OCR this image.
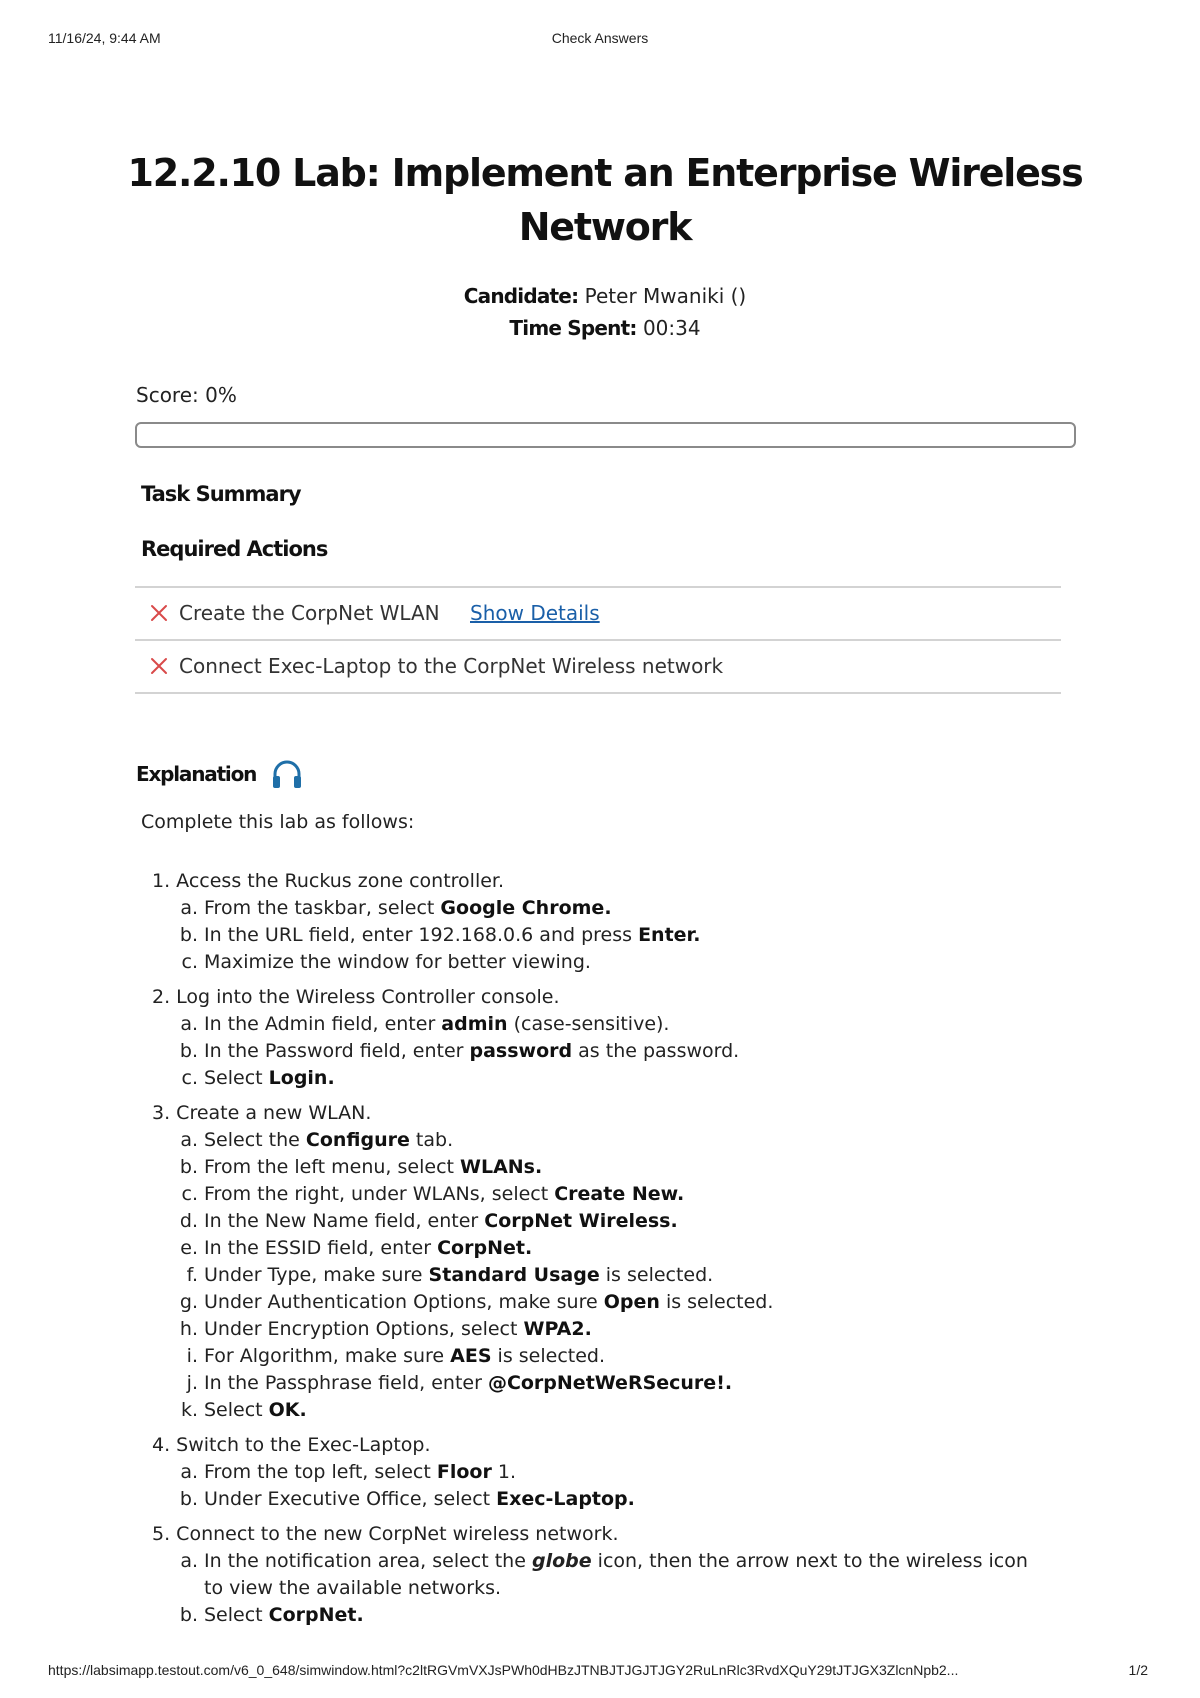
11/16/24, 9:44 AM	Check Answers
12.2.10 Lab: Implement an Enterprise Wireless Network
Candidate: Peter Mwaniki ()
Time Spent: 00:34
Score: 0%
Task Summary
Required Actions
Create the CorpNet WLAN Show Details
Connect Exec-Laptop to the CorpNet Wireless network
Explanation
Complete this lab as follows:
1. Access the Ruckus zone controller.
a. From the taskbar, select Google Chrome.
b. In the URL field, enter 192.168.0.6 and press Enter.
c. Maximize the window for better viewing.
2. Log into the Wireless Controller console.
a. In the Admin field, enter admin (case-sensitive).
b. In the Password field, enter password as the password.
c. Select Login.
3. Create a new WLAN.
a. Select the Configure tab.
b. From the left menu, select WLANs.
c. From the right, under WLANs, select Create New.
d. In the New Name field, enter CorpNet Wireless.
e. In the ESSID field, enter CorpNet.
f. Under Type, make sure Standard Usage is selected.
g. Under Authentication Options, make sure Open is selected.
h. Under Encryption Options, select WPA2.
i. For Algorithm, make sure AES is selected.
j. In the Passphrase field, enter @CorpNetWeRSecure!.
k. Select OK.
4. Switch to the Exec-Laptop.
a. From the top left, select Floor 1.
b. Under Executive Office, select Exec-Laptop.
5. Connect to the new CorpNet wireless network.
a. In the notification area, select the globe icon, then the arrow next to the wireless icon to view the available networks.
b. Select CorpNet.
https://labsimapp.testout.com/v6_0_648/simwindow.html?c2ltRGVmVXJsPWh0dHBzJTNBJTJGJTJGY2RuLnRlc3RvdXQuY29tJTJGX3ZlcnNpb2...	1/2
